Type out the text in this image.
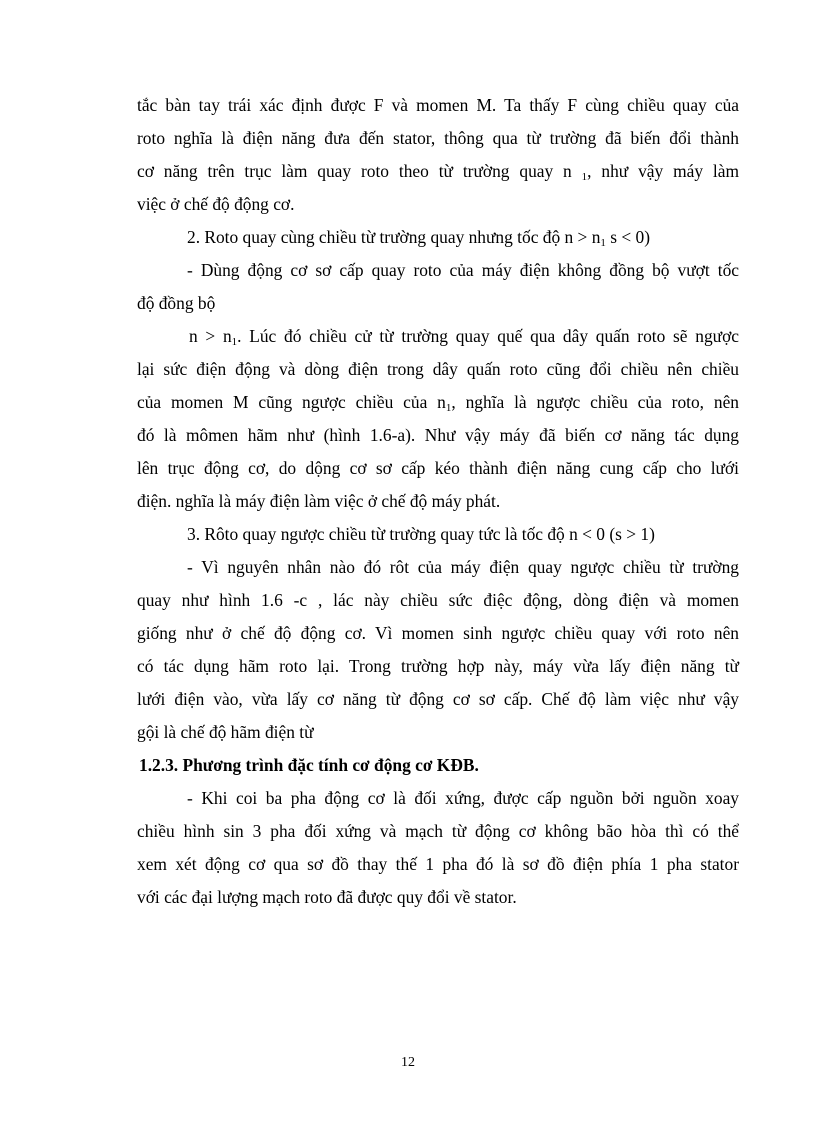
tắc bàn tay trái xác định được F và momen M. Ta thấy F cùng chiều quay của
roto nghĩa là điện năng đưa đến stator, thông qua từ trường đã biến đổi thành
cơ năng trên trục làm quay roto theo từ trường quay n $_1$, như vậy máy làm
việc ở chế độ động cơ.
2. Roto quay cùng chiều từ trường quay nhưng tốc độ $n > n_1$ s < 0)
- Dùng động cơ sơ cấp quay roto của máy điện không đồng bộ vượt tốc
độ đồng bộ
$n > n_1$. Lúc đó chiều cử từ trường quay quế qua dây quấn roto sẽ ngược
lại sức điện động và dòng điện trong dây quấn roto cũng đổi chiều nên chiều
của momen M cũng ngược chiều của $n_1$, nghĩa là ngược chiều của roto, nên
đó là mômen hãm như (hình 1.6-a). Như vậy máy đã biến cơ năng tác dụng
lên trục động cơ, do dộng cơ sơ cấp kéo thành điện năng cung cấp cho lưới
điện. nghĩa là máy điện làm việc ở chế độ máy phát.
3. Rôto quay ngược chiều từ trường quay tức là tốc độ n < 0 (s > 1)
- Vì nguyên nhân nào đó rôt của máy điện quay ngược chiều từ trường
quay như hình 1.6 -c , lác này chiều sức điệc động, dòng điện và momen
giống như ở chế độ động cơ. Vì momen sinh ngược chiều quay với roto nên
có tác dụng hãm roto lại. Trong trường hợp này, máy vừa lấy điện năng từ
lưới điện vào, vừa lấy cơ năng từ động cơ sơ cấp. Chế độ làm việc như vậy
gội là chế độ hãm điện từ
1.2.3. Phương trình đặc tính cơ động cơ KĐB.
- Khi coi ba pha động cơ là đối xứng, được cấp nguồn bởi nguồn xoay
chiều hình sin 3 pha đối xứng và mạch từ động cơ không bão hòa thì có thể
xem xét động cơ qua sơ đồ thay thế 1 pha đó là sơ đồ điện phía 1 pha stator
với các đại lượng mạch roto đã được quy đổi về stator.
12
